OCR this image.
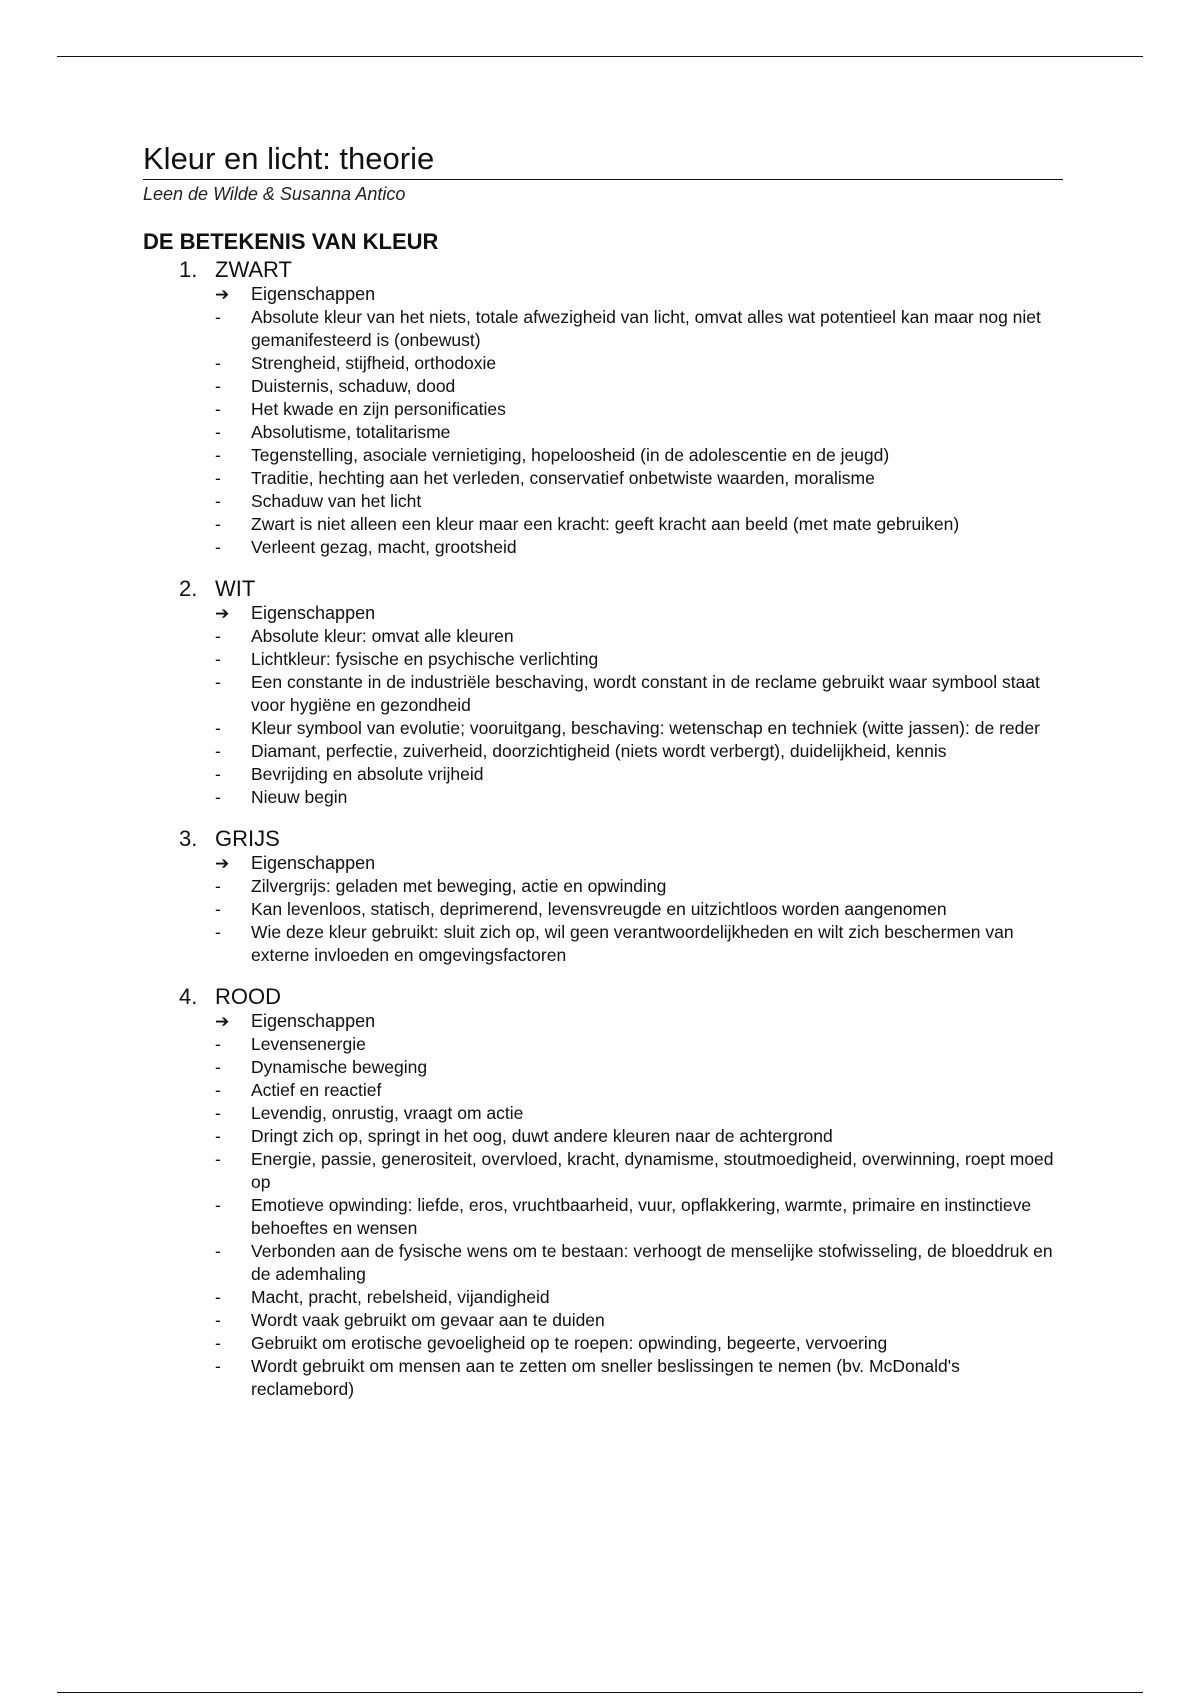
Kleur en licht: theorie

Leen de Wilde & Susanna Antico

DE BETEKENIS VAN KLEUR
1. ZWART
➔	Eigenschappen
-	Absolute kleur van het niets, totale afwezigheid van licht, omvat alles wat potentieel kan maar nog niet gemanifesteerd is (onbewust)
-	Strengheid, stijfheid, orthodoxie
-	Duisternis, schaduw, dood
-	Het kwade en zijn personificaties
-	Absolutisme, totalitarisme
-	Tegenstelling, asociale vernietiging, hopeloosheid (in de adolescentie en de jeugd)
-	Traditie, hechting aan het verleden, conservatief onbetwiste waarden, moralisme
-	Schaduw van het licht
-	Zwart is niet alleen een kleur maar een kracht: geeft kracht aan beeld (met mate gebruiken)
-	Verleent gezag, macht, grootsheid
2. WIT
➔	Eigenschappen
-	Absolute kleur: omvat alle kleuren
-	Lichtkleur: fysische en psychische verlichting
-	Een constante in de industriële beschaving, wordt constant in de reclame gebruikt waar symbool staat voor hygiëne en gezondheid
-	Kleur symbool van evolutie; vooruitgang, beschaving: wetenschap en techniek (witte jassen): de reder
-	Diamant, perfectie, zuiverheid, doorzichtigheid (niets wordt verbergt), duidelijkheid, kennis
-	Bevrijding en absolute vrijheid
-	Nieuw begin
3. GRIJS
➔	Eigenschappen
-	Zilvergrijs: geladen met beweging, actie en opwinding
-	Kan levenloos, statisch, deprimerend, levensvreugde en uitzichtloos worden aangenomen
-	Wie deze kleur gebruikt: sluit zich op, wil geen verantwoordelijkheden en wilt zich beschermen van externe invloeden en omgevingsfactoren
4. ROOD
➔	Eigenschappen
-	Levensenergie
-	Dynamische beweging
-	Actief en reactief
-	Levendig, onrustig, vraagt om actie
-	Dringt zich op, springt in het oog, duwt andere kleuren naar de achtergrond
-	Energie, passie, generositeit, overvloed, kracht, dynamisme, stoutmoedigheid, overwinning, roept moed op
-	Emotieve opwinding: liefde, eros, vruchtbaarheid, vuur, opflakkering, warmte, primaire en instinctieve behoeftes en wensen
-	Verbonden aan de fysische wens om te bestaan: verhoogt de menselijke stofwisseling, de bloeddruk en de ademhaling
-	Macht, pracht, rebelsheid, vijandigheid
-	Wordt vaak gebruikt om gevaar aan te duiden
-	Gebruikt om erotische gevoeligheid op te roepen: opwinding, begeerte, vervoering
-	Wordt gebruikt om mensen aan te zetten om sneller beslissingen te nemen (bv. McDonald's reclamebord)
